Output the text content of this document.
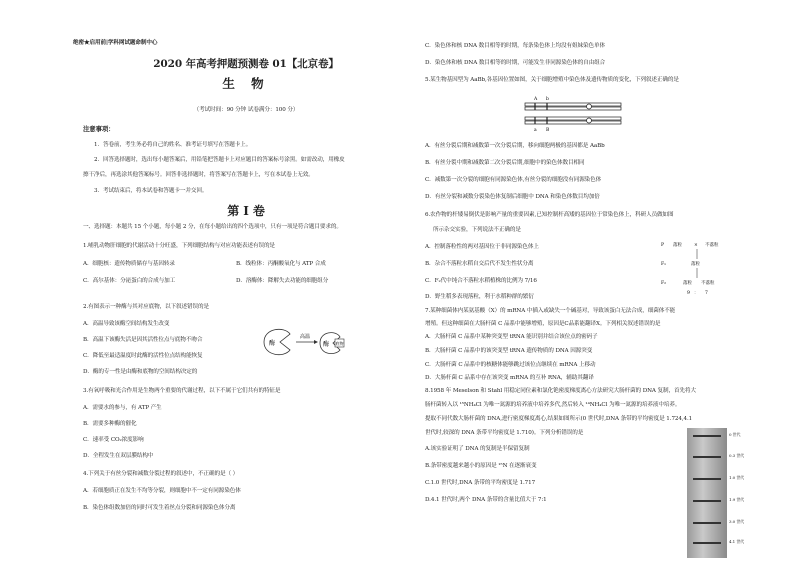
绝密★启用前|学科网试题命制中心
2020 年高考押题预测卷 01【北京卷】
生 物
（考试时间：90 分钟 试卷满分：100 分）
注意事项：
1．答卷前，考生务必将自己的姓名、准考证号填写在答题卡上。
2．回答选择题时，选出每小题答案后，用铅笔把答题卡上对应题目的答案标号涂黑。如需改动，用橡皮
擦干净后，再选涂其他答案标号。回答非选择题时，将答案写在答题卡上，写在本试卷上无效。
3．考试结束后，将本试卷和答题卡一并交回。
第 Ⅰ 卷
一、选择题：本题共 15 个小题，每小题 2 分，在每小题给出的四个选项中，只有一项是符合题目要求的。
1.哺乳动物肝细胞的代谢活动十分旺盛，下列细胞结构与对应功能表述有误的是
A．细胞核：遗传物质储存与基因转录	B．线粒体：丙酮酸氧化与 ATP 合成
C．高尔基体：分泌蛋白的合成与加工	D．溶酶体：降解失去功能的细胞组分
2.有图表示一种酶与其对应底物，以下叙述错误的是
A．高温导致该酶空间结构发生改变
B．高温下该酶失活是因其活性位点与底物不吻合
C．降低至最适温度时此酶的活性位点结构能恢复
D．酶的专一性是由酶和底物的空间结构决定的
酶
高温
酶 底物
3.有氧呼吸和光合作用是生物两个重要的代谢过程，以下不属于它们共有的特征是
A．需要水的参与，有 ATP 产生
B．需要多种酶的催化
C．速率受 CO₂浓度影响
D．全程发生在双层膜结构中
4.下列关于有丝分裂和减数分裂过程的叙述中，不正确的是（ ）
A．若细胞质正在发生不均等分裂，则细胞中不一定有同源染色体
B．染色体组数加倍的同时可发生着丝点分裂和同源染色体分离
C．染色体和核 DNA 数目相等的时期，每条染色体上均没有姐妹染色单体
D．染色体和核 DNA 数目相等的时期，可能发生非同源染色体的自由组合
5.某生物基因型为 AaBb,各基因位置如图，关于细胞增殖中染色体及遗传物质的变化，下列叙述正确的是
A b
a B
A．有丝分裂后期和减数第一次分裂后期，移向细胞两极的基因都是 AaBb
B．有丝分裂中期和减数第二次分裂后期,细胞中的染色体数目相同
C．减数第一次分裂的细胞有同源染色体,有丝分裂的细胞没有同源染色体
D．有丝分裂和减数分裂染色体复制后细胞中 DNA 和染色体数目均加倍
6.农作物的杆矮易倒伏是影响产量的重要因素,已知控制杆高矮的基因位于常染色体上，科研人员做如图
所示杂交实验，下列说法不正确的是
A．控制落粒性的两对基因位于非同源染色体上
B．杂合不落粒水稻自交后代不发生性状分离
C．F₂代中纯合不落粒水稻植株的比例为 7/16
D．野生稻多表现落粒，利于水稻种群的繁衍
P 落粒	× 不落粒
F₁	落粒
F₂	落粒 不落粒
9 ： 7
7.某种细菌体内某氨基酸（X）的 mRNA 中插入或缺失一个碱基对，导致该蛋白无法合成，细菌体不能
增殖。但这种细菌在大肠杆菌 C 品系中能够增殖，原因是C品系能翻译X。下列相关叙述错误的是
A．大肠杆菌 C 品系中某种突变型 tRNA 能识别并结合该位点的密码子
B．大肠杆菌 C 品系中的该突变型 tRNA 遗传物质的 DNA 因源突变
C．大肠杆菌 C 品系中的核糖体能够跳过该位点继续在 mRNA 上移动
D．大肠杆菌 C 品系中存在该突变 mRNA 的互补 RNA，辅助其翻译
8.1958 年 Meselson 和 Stahl 用稳定同位素和氯化铯密度梯度离心方法研究大肠杆菌的 DNA 复制，首先将大
肠杆菌转入以 ¹⁵NH₄Cl 为唯一氮源的培养液中培养多代,然后转入 ¹⁴NH₄Cl 为唯一氮源的培养液中培养。
提取不同代数大肠杆菌的 DNA,进行密度梯度离心,结果如图所示(0 世代时,DNA 条带的平均密度是 1.724,4.1
世代时,较深的 DNA 条带平均密度是 1.710)。下列分析错误的是
A.该实验证明了 DNA 的复制是半保留复制
B.条带密度越来越小的原因是 ¹⁵N 在逐渐衰变
C.1.0 世代时,DNA 条带的平均密度是 1.717
D.4.1 世代时,两个 DNA 条带的含量比值大于 7:1
0 世代
0.3 世代
1.0 世代
1.9 世代
3.0 世代
4.1 世代
